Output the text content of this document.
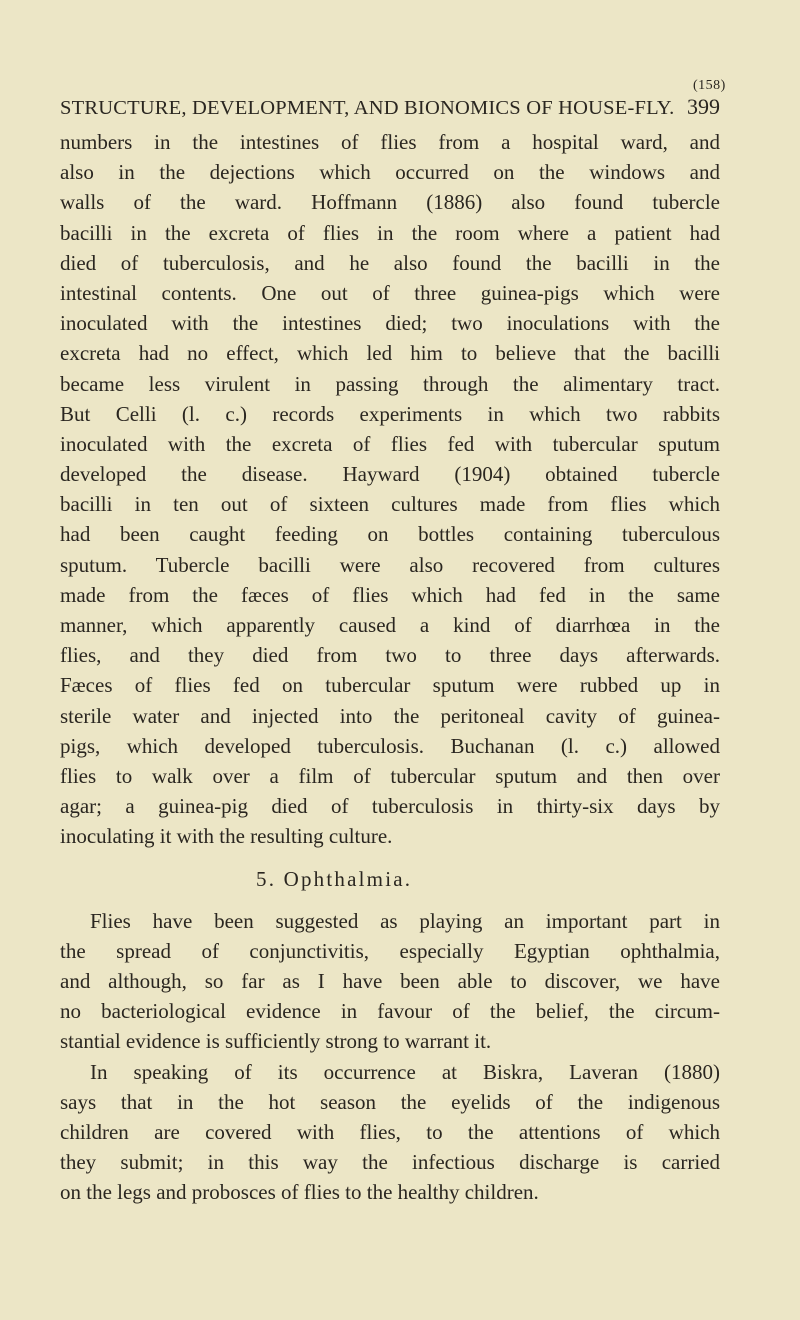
(158)
STRUCTURE, DEVELOPMENT, AND BIONOMICS OF HOUSE-FLY. 399
numbers in the intestines of flies from a hospital ward, and
also in the dejections which occurred on the windows and
walls of the ward. Hoffmann (1886) also found tubercle
bacilli in the excreta of flies in the room where a patient had
died of tuberculosis, and he also found the bacilli in the
intestinal contents. One out of three guinea-pigs which were
inoculated with the intestines died; two inoculations with the
excreta had no effect, which led him to believe that the bacilli
became less virulent in passing through the alimentary tract.
But Celli (l. c.) records experiments in which two rabbits
inoculated with the excreta of flies fed with tubercular sputum
developed the disease. Hayward (1904) obtained tubercle
bacilli in ten out of sixteen cultures made from flies which
had been caught feeding on bottles containing tuberculous
sputum. Tubercle bacilli were also recovered from cultures
made from the fæces of flies which had fed in the same
manner, which apparently caused a kind of diarrhœa in the
flies, and they died from two to three days afterwards.
Fæces of flies fed on tubercular sputum were rubbed up in
sterile water and injected into the peritoneal cavity of guinea-
pigs, which developed tuberculosis. Buchanan (l. c.) allowed
flies to walk over a film of tubercular sputum and then over
agar; a guinea-pig died of tuberculosis in thirty-six days by
inoculating it with the resulting culture.
5. Ophthalmia.
Flies have been suggested as playing an important part in
the spread of conjunctivitis, especially Egyptian ophthalmia,
and although, so far as I have been able to discover, we have
no bacteriological evidence in favour of the belief, the circum-
stantial evidence is sufficiently strong to warrant it.
In speaking of its occurrence at Biskra, Laveran (1880)
says that in the hot season the eyelids of the indigenous
children are covered with flies, to the attentions of which
they submit; in this way the infectious discharge is carried
on the legs and probosces of flies to the healthy children.
